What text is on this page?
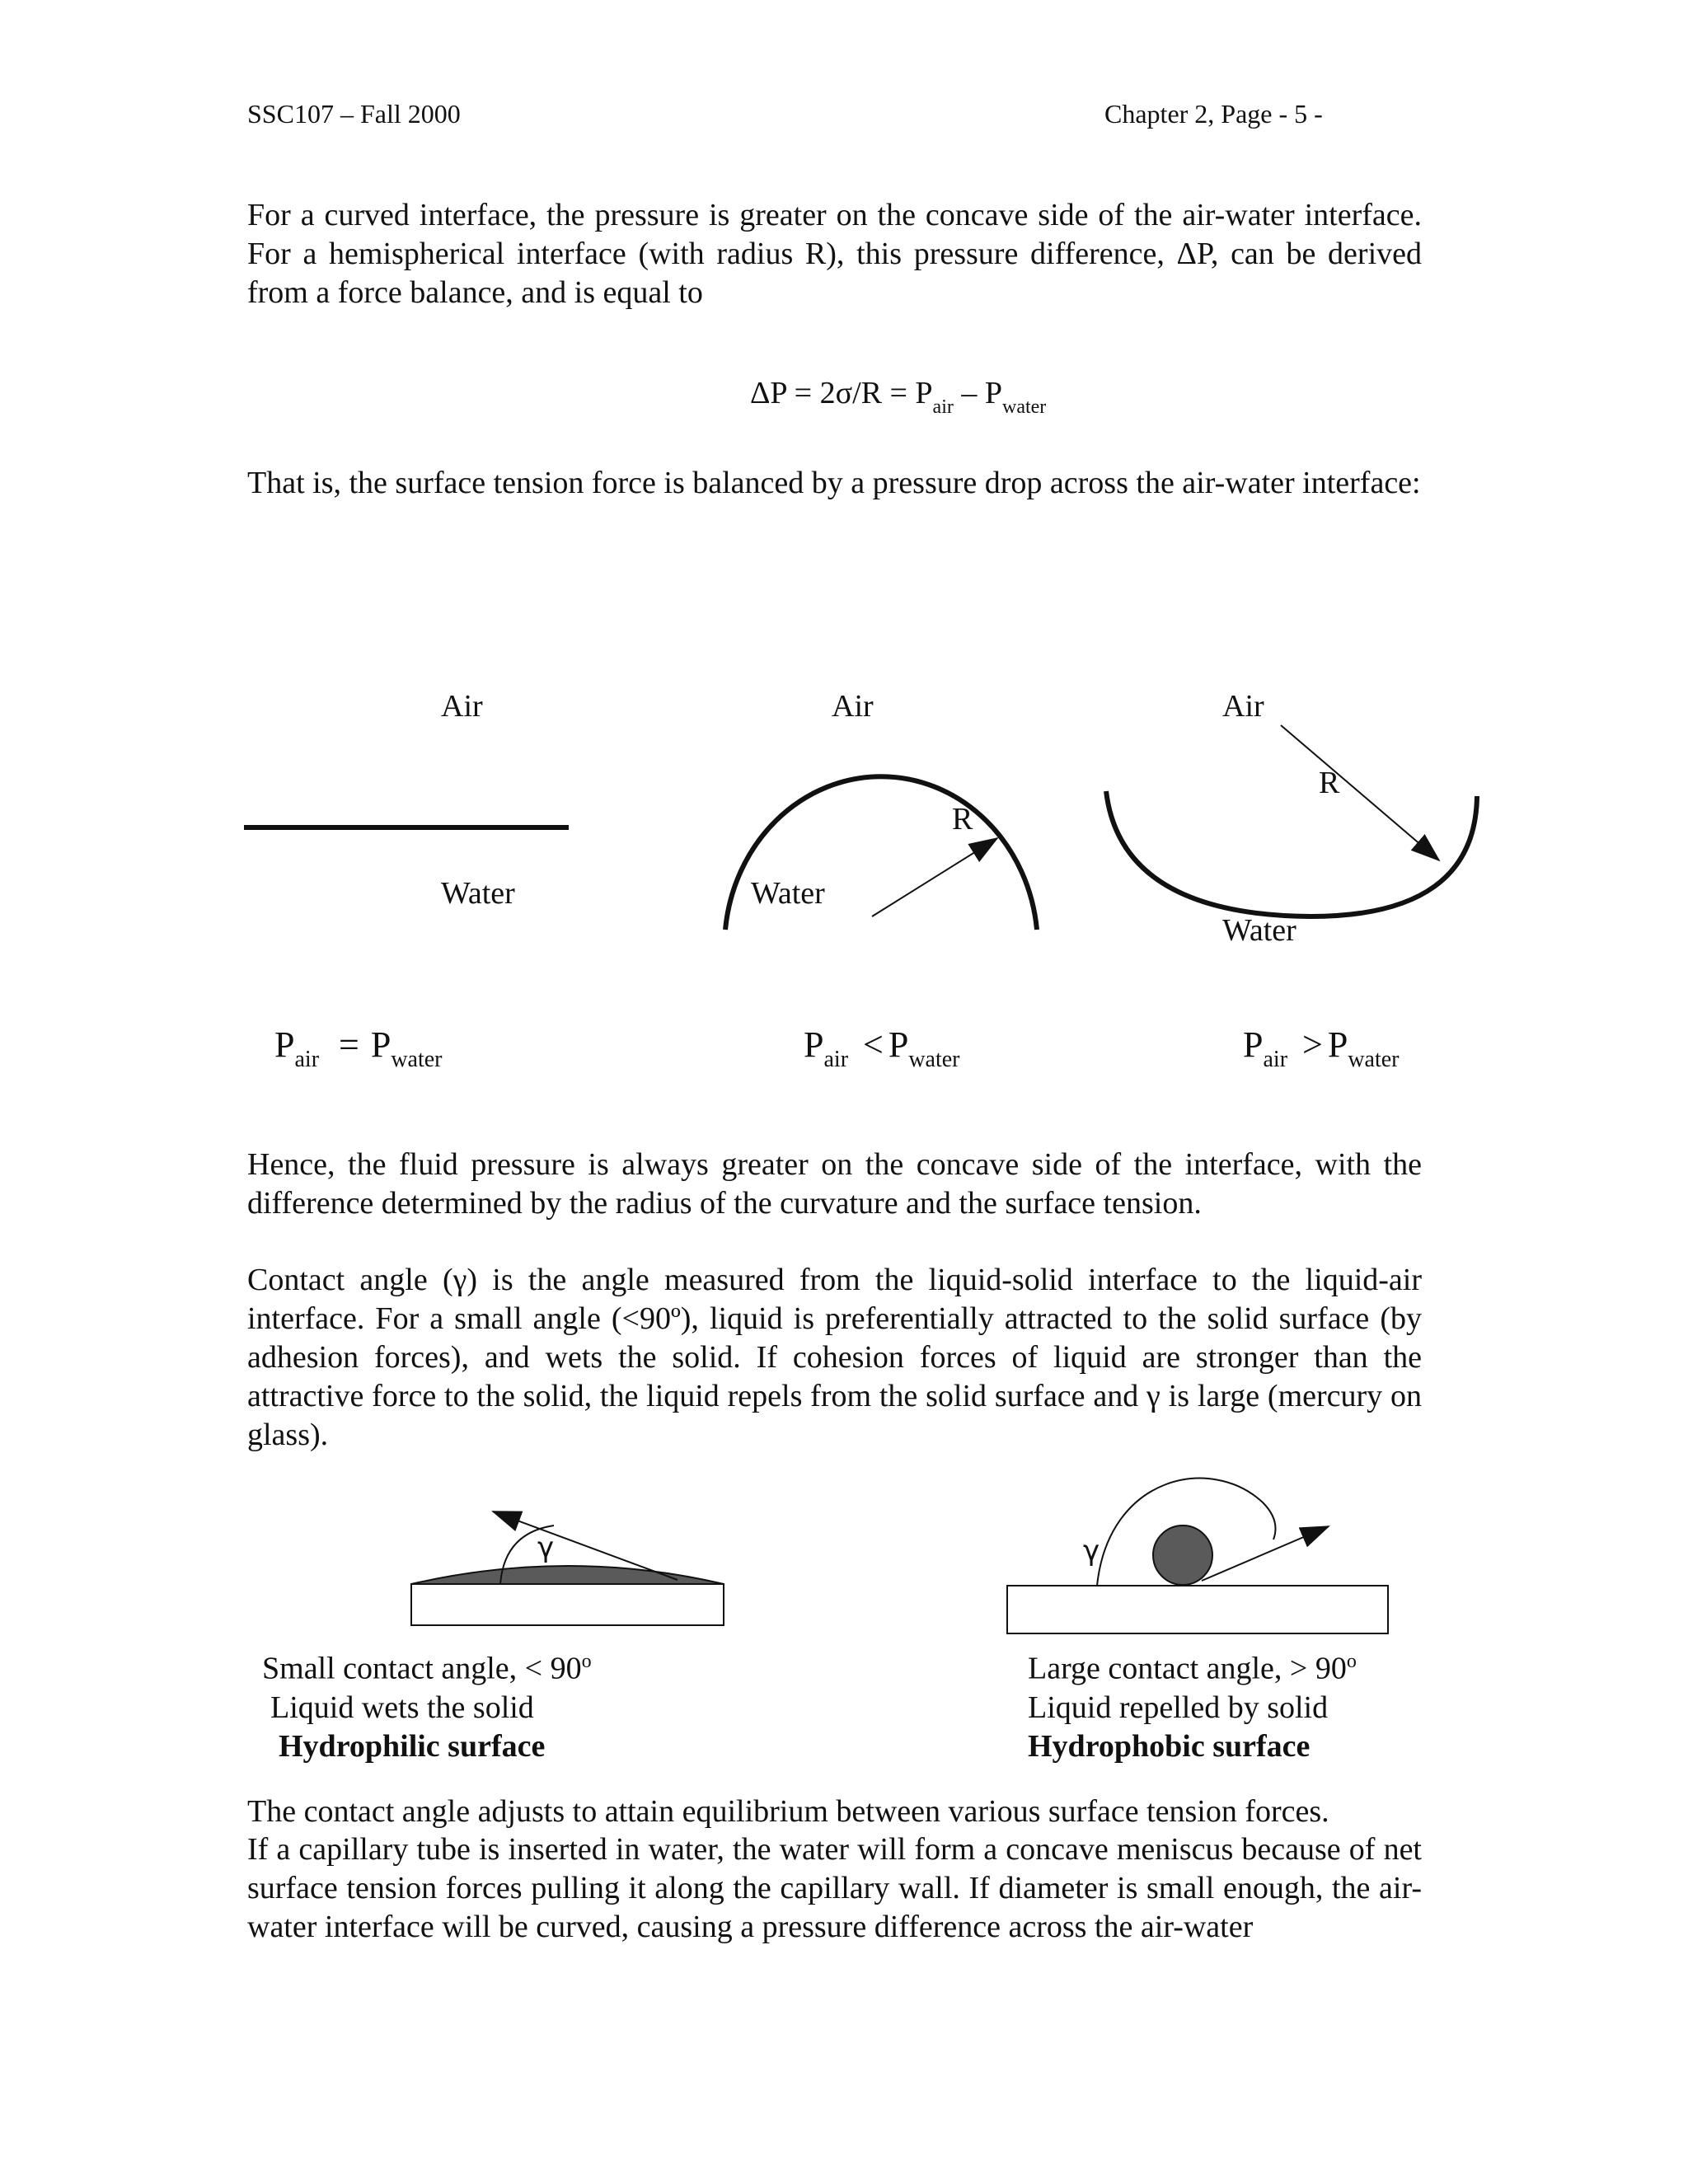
SSC107 – Fall 2000	Chapter 2, Page - 5 -

For a curved interface, the pressure is greater on the concave side of the air-water interface. For a hemispherical interface (with radius R), this pressure difference, ΔP, can be derived from a force balance, and is equal to

$\Delta P = 2\sigma/R = P_{air} - P_{water}$

That is, the surface tension force is balanced by a pressure drop across the air-water interface:

Air
Water
Air
R
Water
Air
R
Water
$P_{air} = P_{water}$	$P_{air} < P_{water}$	$P_{air} > P_{water}$

Hence, the fluid pressure is always greater on the concave side of the interface, with the difference determined by the radius of the curvature and the surface tension.

Contact angle (γ) is the angle measured from the liquid-solid interface to the liquid-air interface. For a small angle (<90º), liquid is preferentially attracted to the solid surface (by adhesion forces), and wets the solid. If cohesion forces of liquid are stronger than the attractive force to the solid, the liquid repels from the solid surface and γ is large (mercury on glass).

γ	γ
Small contact angle, < $90^o$
Liquid wets the solid
Hydrophilic surface
Large contact angle, > $90^o$
Liquid repelled by solid
Hydrophobic surface

The contact angle adjusts to attain equilibrium between various surface tension forces.

If a capillary tube is inserted in water, the water will form a concave meniscus because of net surface tension forces pulling it along the capillary wall. If diameter is small enough, the air-water interface will be curved, causing a pressure difference across the air-water
